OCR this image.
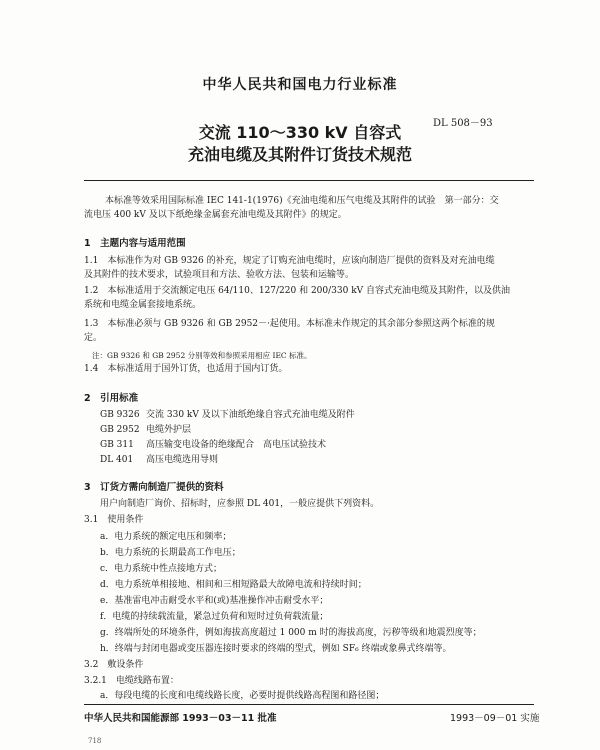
中华人民共和国电力行业标准
交流 110～330 kV 自容式
充油电缆及其附件订货技术规范
DL 508－93
本标准等效采用国际标准 IEC 141-1(1976)《充油电缆和压气电缆及其附件的试验　第一部分：交
流电压 400 kV 及以下纸绝缘金属套充油电缆及其附件》的规定。
1　主题内容与适用范围
1.1　本标准作为对 GB 9326 的补充，规定了订购充油电缆时，应该向制造厂提供的资料及对充油电缆
及其附件的技术要求，试验项目和方法、验收方法、包装和运输等。
1.2　本标准适用于交流额定电压 64/110、127/220 和 200/330 kV 自容式充油电缆及其附件，以及供油
系统和电缆金属套接地系统。
1.3　本标准必须与 GB 9326 和 GB 2952－·起使用。本标准未作规定的其余部分参照这两个标准的规
定。
注：GB 9326 和 GB 2952 分别等效和参照采用相应 IEC 标准。
1.4　本标准适用于国外订货，也适用于国内订货。
2　引用标准
GB 9326 交流 330 kV 及以下油纸绝缘自容式充油电缆及附件
GB 2952 电缆外护层
GB 311 高压输变电设备的绝缘配合　高电压试验技术
DL 401 高压电缆选用导则
3　订货方需向制造厂提供的资料
用户向制造厂询价、招标时，应参照 DL 401，一般应提供下列资料。
3.1　使用条件
a．电力系统的额定电压和频率；
b．电力系统的长期最高工作电压；
c．电力系统中性点接地方式；
d．电力系统单相接地、相间和三相短路最大故障电流和持续时间；
e．基准雷电冲击耐受水平和(或)基准操作冲击耐受水平；
f．电缆的持续载流量，紧急过负荷和短时过负荷载流量；
g．终端所处的环境条件，例如海拔高度超过 1 000 m 时的海拔高度，污秽等级和地震烈度等；
h．终端与封闭电器或变压器连接时要求的终端的型式，例如 SF₆ 终端或象鼻式终端等。
3.2　敷设条件
3.2.1　电缆线路布置：
a．每段电缆的长度和电缆线路长度，必要时提供线路高程图和路径图；
中华人民共和国能源部 1993－03－11 批准	1993－09－01 实施
718
